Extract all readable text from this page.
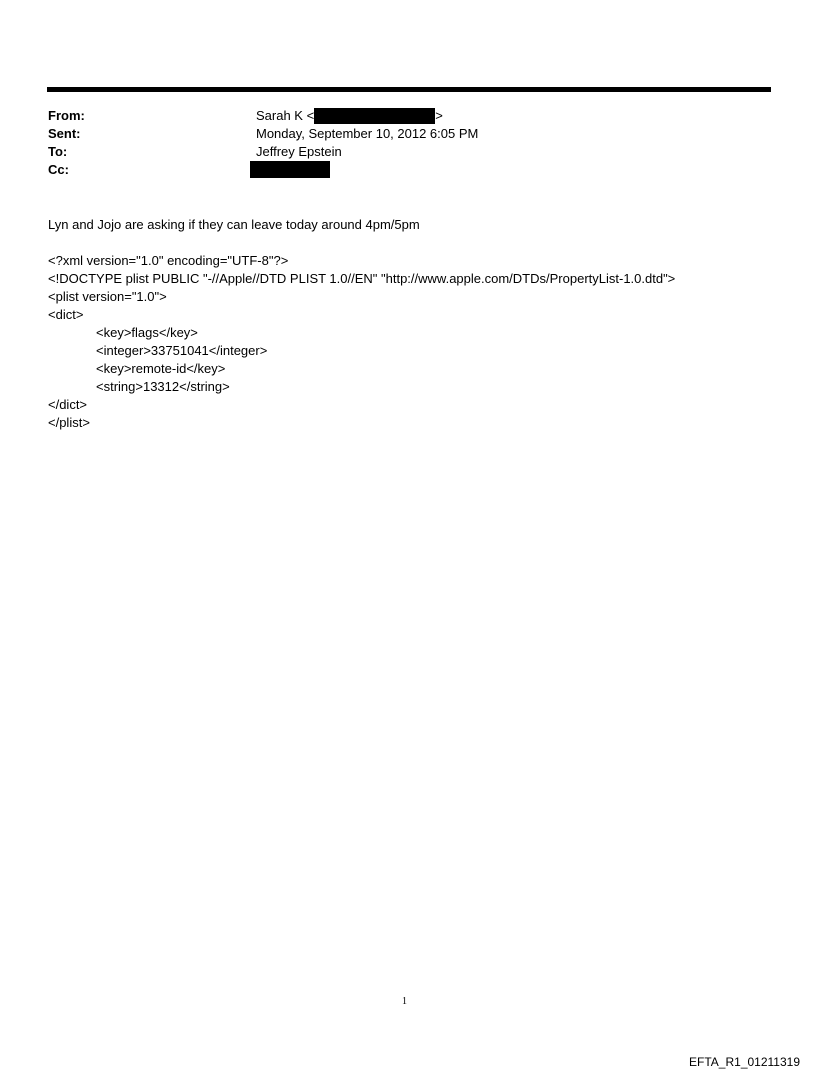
From:	Sarah K <	>
Sent:	Monday, September 10, 2012 6:05 PM
To:	Jeffrey Epstein
Cc:
Lyn and Jojo are asking if they can leave today around 4pm/5pm
<?xml version="1.0" encoding="UTF-8"?>
<!DOCTYPE plist PUBLIC "-//Apple//DTD PLIST 1.0//EN" "http://www.apple.com/DTDs/PropertyList-1.0.dtd">
<plist version="1.0">
<dict>
<key>flags</key>
<integer>33751041</integer>
<key>remote-id</key>
<string>13312</string>
</dict>
</plist>
1
EFTA_R1_01211319
